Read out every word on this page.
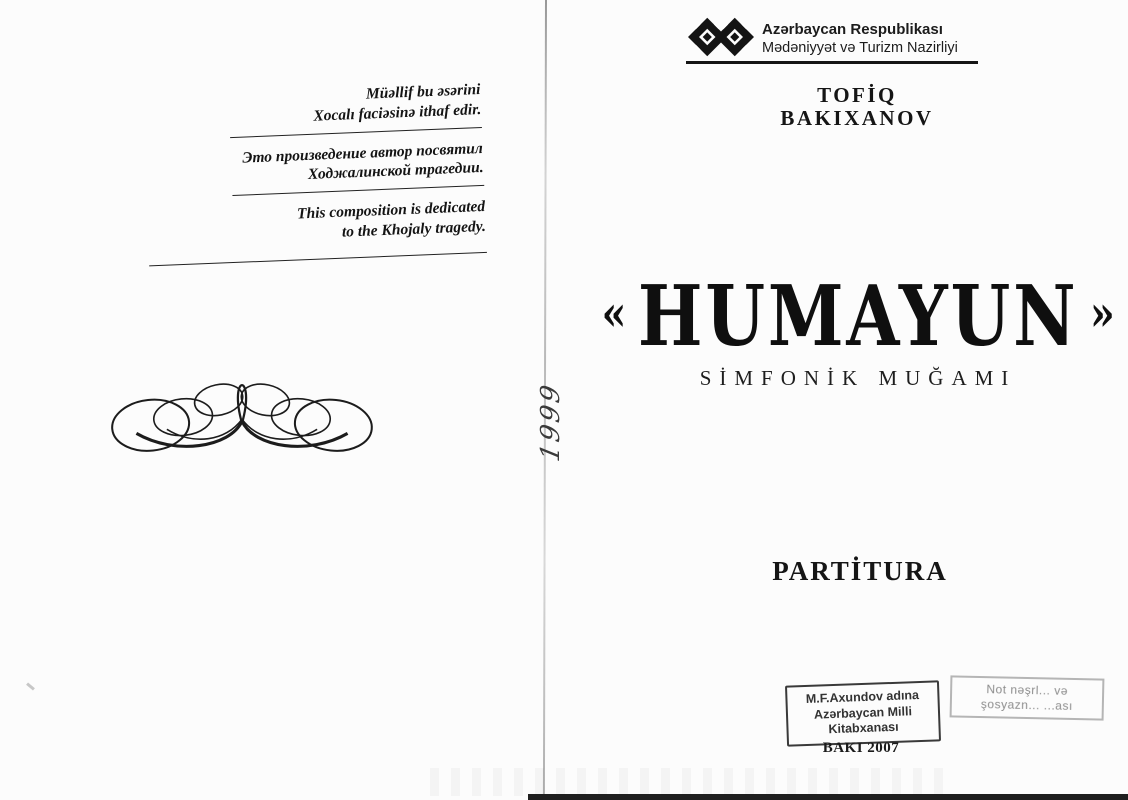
Müəllif bu əsərini
Xocalı faciəsinə ithaf edir.
Это произведение автор посвятил
Ходжалинской трагедии.
This composition is dedicated
to the Khojaly tragedy.
1999
Azərbaycan Respublikası
Mədəniyyət və Turizm Nazirliyi
TOFİQ
BAKIXANOV
« HUMAYUN »
SİMFONİK MUĞAMI
PARTİTURA
M.F.Axundov adına
Azərbaycan Milli
Kitabxanası
BAKI 2007
Not nəşrl... və
şosyazn... ...ası
